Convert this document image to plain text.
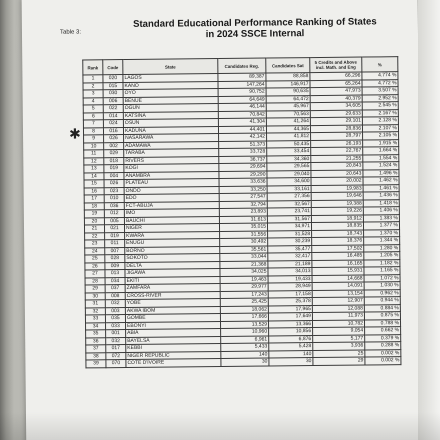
Table 3:
Standard Educational Performance Ranking of States
in 2024 SSCE Internal
✱
Rank	Code	State	Candidates Reg.	Candidates Sat	5 Credits and Above incl. Math. and Eng	%
1	020	LAGOS	89,387	88,858	66,296	4.774 %
2	015	KANO	147,264	146,917	65,264	4.772 %
3	030	OYO	90,752	90,635	47,973	3.507 %
4	006	BENUE	64,649	64,472	40,379	2.952 %
5	022	OGUN	46,144	45,967	34,605	2.545 %
6	014	KATSINA	70,842	70,563	29,633	2.167 %
7	024	OSUN	41,304	41,264	29,101	2.128 %
8	016	KADUNA	44,401	44,365	28,836	2.107 %
9	026	NASARAWA	42,142	41,812	28,797	2.105 %
10	002	ADAMAWA	51,373	50,435	26,193	1.915 %
11	029	TARABA	33,728	33,454	22,767	1.664 %
12	018	RIVERS	36,737	34,360	21,255	1.554 %
13	019	KOGI	29,694	29,565	20,843	1.524 %
14	004	ANAMBRA	29,290	29,040	20,643	1.496 %
15	026	PLATEAU	33,636	34,600	20,002	1.462 %
16	023	ONDO	33,250	33,161	19,983	1.461 %
17	010	EDO	27,547	27,356	19,646	1.436 %
18	036	FCT-ABUJA	32,794	32,567	19,388	1.418 %
19	012	IMO	23,893	23,741	19,226	1.406 %
20	005	BAUCHI	31,613	31,567	18,912	1.383 %
21	021	NIGER	35,015	34,971	18,835	1.377 %
22	019	KWARA	31,556	31,528	18,743	1.370 %
23	011	ENUGU	30,492	30,239	18,376	1.344 %
24	007	BORNO	35,561	35,477	17,502	1.280 %
25	028	SOKOTO	33,044	32,417	16,485	1.205 %
26	009	DELTA	21,368	21,189	16,165	1.182 %
27	013	JIGAWA	34,025	34,013	15,931	1.165 %
28	034	EKITI	19,463	19,433	14,668	1.072 %
29	037	ZAMFARA	29,977	28,949	14,091	1.030 %
30	008	CROSS-RIVER	17,243	17,158	13,154	0.962 %
31	032	YOBE	25,425	25,378	12,907	0.944 %
32	003	AKWA IBOM	18,062	17,965	12,088	0.884 %
33	035	GOMBE	17,666	17,649	11,973	0.875 %
34	033	EBONYI	13,529	13,366	10,782	0.788 %
35	001	ABIA	10,960	10,856	9,054	0.662 %
36	032	BAYELSA	6,961	6,876	5,177	0.379 %
37	017	KEBBI	5,433	5,428	3,936	0.288 %
38	072	NIGER REPUBLIC	140	140	25	0.002 %
39	070	COTE D'IVOIRE	30	30	29	0.002 %
